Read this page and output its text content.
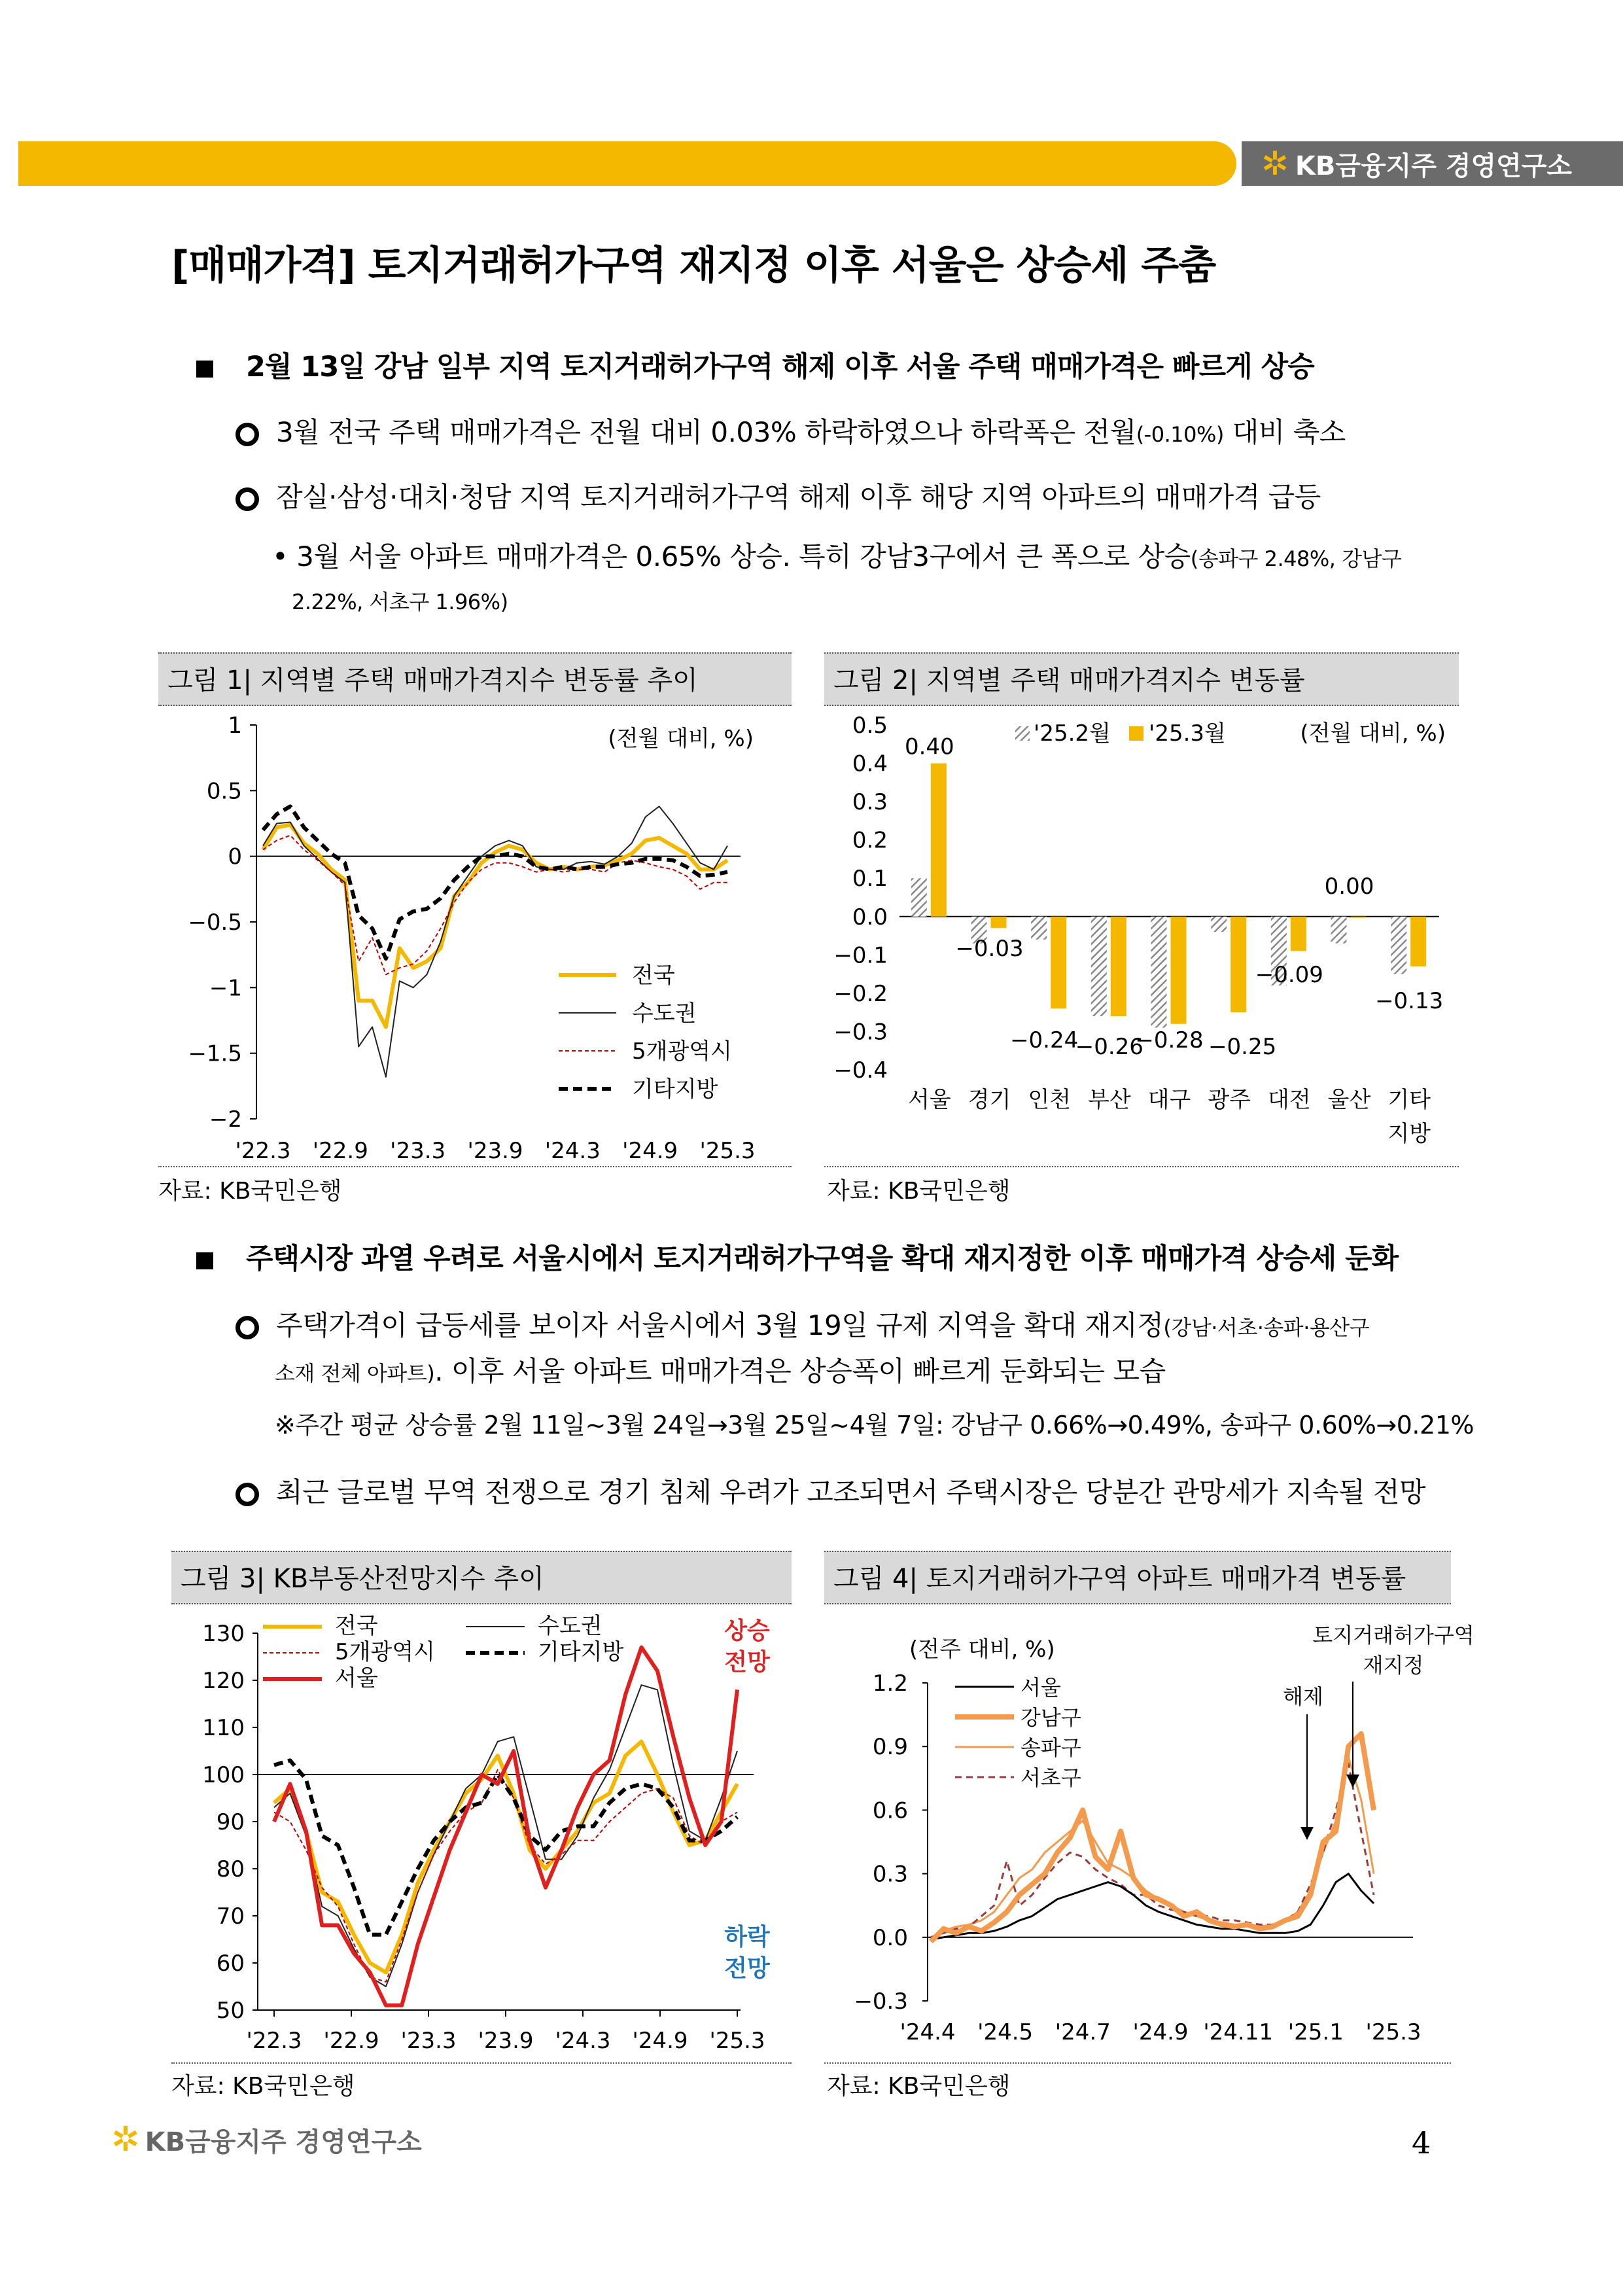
✲ KB금융지주 경영연구소
[매매가격] 토지거래허가구역 재지정 이후 서울은 상승세 주춤
2월 13일 강남 일부 지역 토지거래허가구역 해제 이후 서울 주택 매매가격은 빠르게 상승
3월 전국 주택 매매가격은 전월 대비 0.03% 하락하였으나 하락폭은 전월(-0.10%) 대비 축소
잠실·삼성·대치·청담 지역 토지거래허가구역 해제 이후 해당 지역 아파트의 매매가격 급등
• 3월 서울 아파트 매매가격은 0.65% 상승. 특히 강남3구에서 큰 폭으로 상승(송파구 2.48%, 강남구
2.22%, 서초구 1.96%)
그림 1| 지역별 주택 매매가격지수 변동률 추이
1
0.5
0
−0.5
−1
−1.5
−2
'22.3 '22.9 '23.3 '23.9 '24.3 '24.9 '25.3
(전월 대비, %)
전국
수도권
5개광역시
기타지방
자료: KB국민은행
그림 2| 지역별 주택 매매가격지수 변동률
0.5
0.4
0.3
0.2
0.1
0.0
−0.1
−0.2
−0.3
−0.4
0.40
서울
−0.03
경기
−0.24
인천
−0.26
부산
−0.28
대구
−0.25
광주
−0.09
대전
0.00
울산
−0.13
기타
지방
'25.2월 '25.3월	(전월 대비, %)
자료: KB국민은행
주택시장 과열 우려로 서울시에서 토지거래허가구역을 확대 재지정한 이후 매매가격 상승세 둔화
주택가격이 급등세를 보이자 서울시에서 3월 19일 규제 지역을 확대 재지정(강남·서초·송파·용산구
소재 전체 아파트). 이후 서울 아파트 매매가격은 상승폭이 빠르게 둔화되는 모습
※주간 평균 상승률 2월 11일~3월 24일→3월 25일~4월 7일: 강남구 0.66%→0.49%, 송파구 0.60%→0.21%
최근 글로벌 무역 전쟁으로 경기 침체 우려가 고조되면서 주택시장은 당분간 관망세가 지속될 전망
그림 3| KB부동산전망지수 추이
130
120
110
100
90
80
70
60
50
'22.3 '22.9 '23.3 '23.9 '24.3 '24.9 '25.3
전국	수도권
5개광역시	기타지방
서울
상승
전망
하락
전망
자료: KB국민은행
그림 4| 토지거래허가구역 아파트 매매가격 변동률
1.2
0.9
0.6
0.3
0.0
−0.3
'24.4 '24.5 '24.7 '24.9 '24.11 '25.1 '25.3
(전주 대비, %)
서울
강남구
송파구
서초구
해제
토지거래허가구역
재지정
자료: KB국민은행
✲ KB금융지주 경영연구소	4
